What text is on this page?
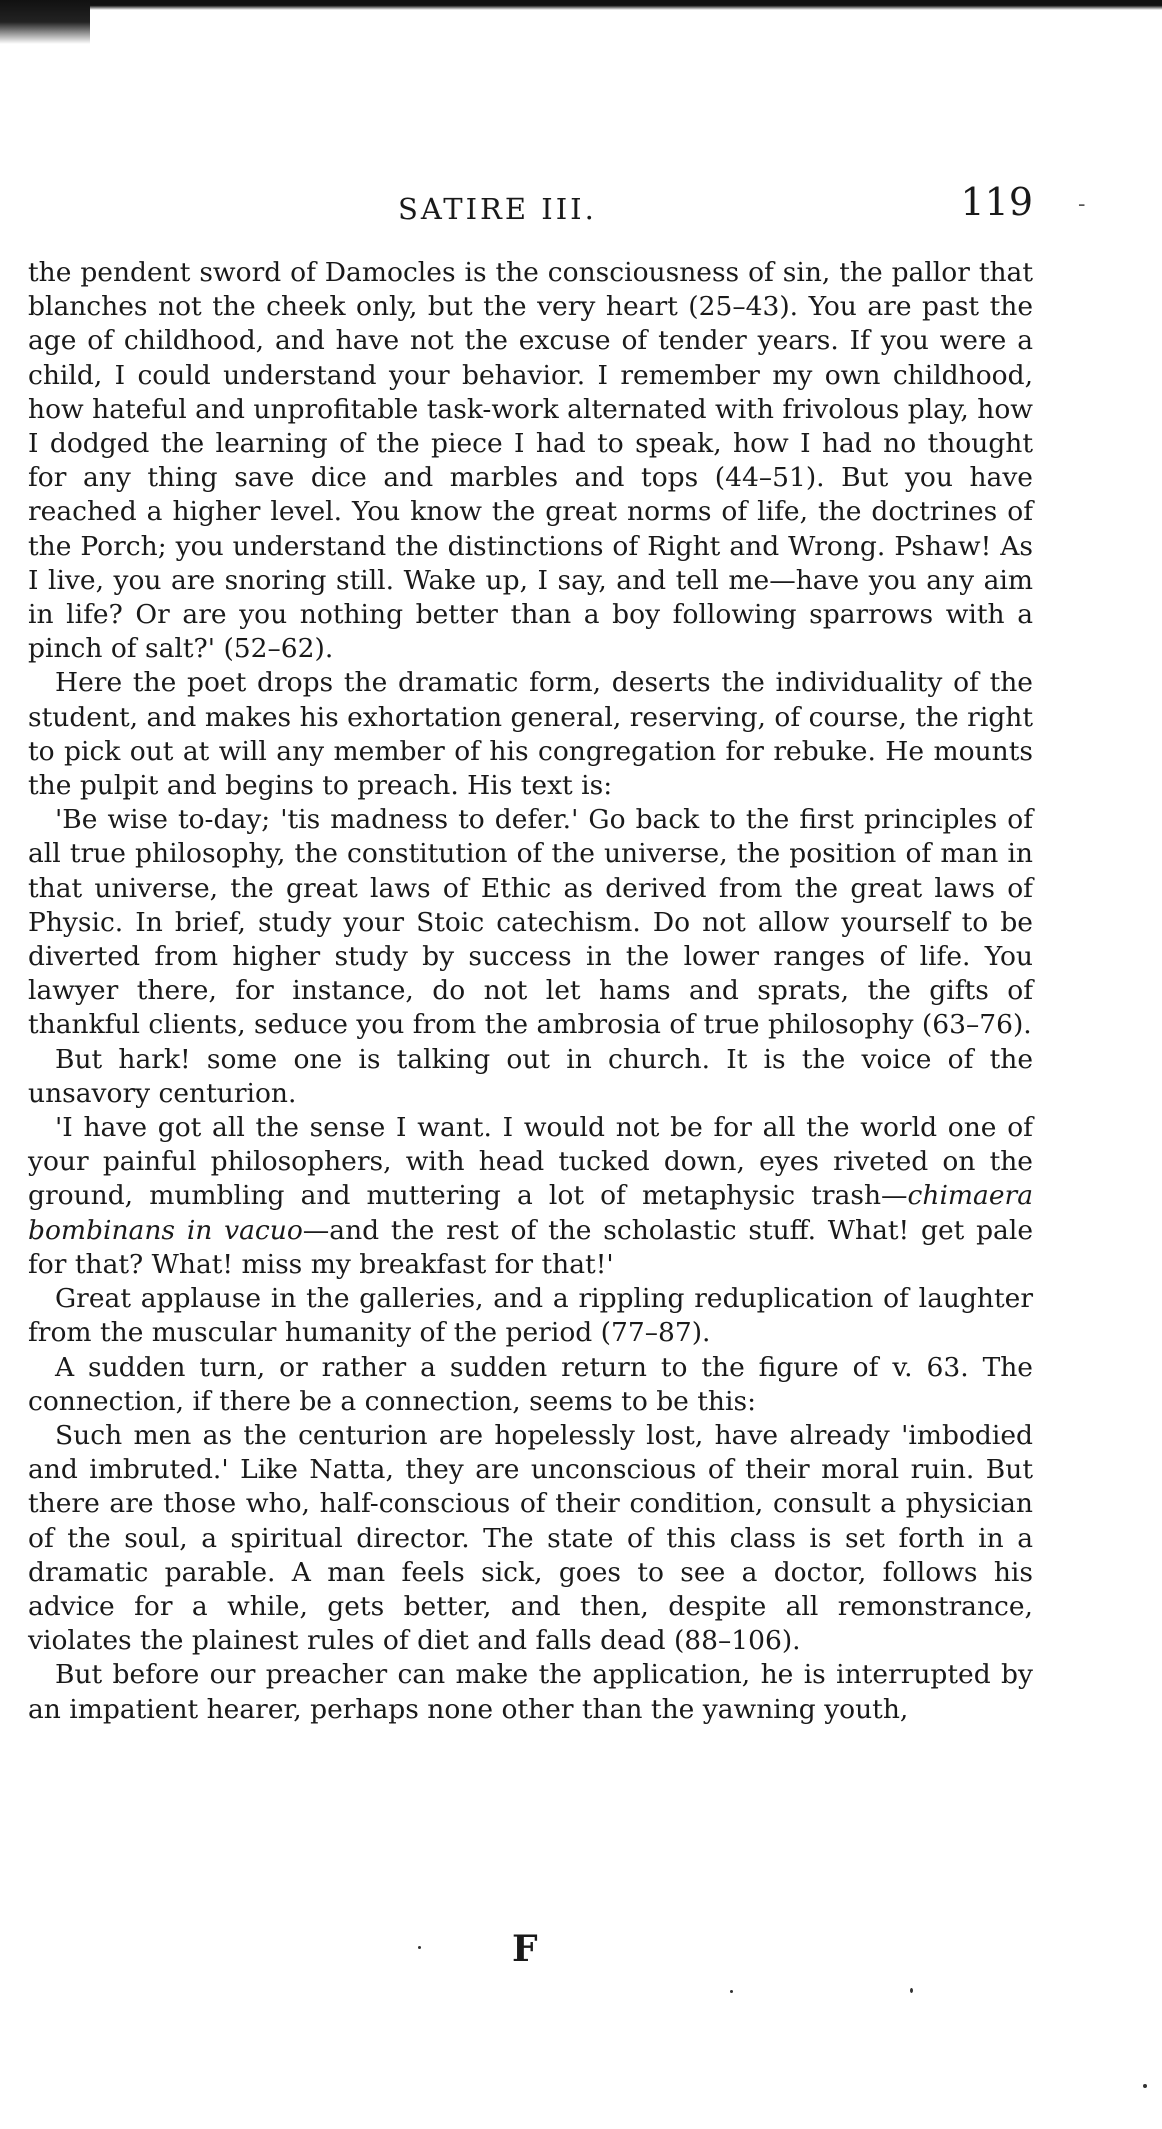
SATIRE III.	119 -

the pendent sword of Damocles is the consciousness of sin, the pallor that blanches not the cheek only, but the very heart (25–43). You are past the age of childhood, and have not the excuse of tender years. If you were a child, I could understand your behavior. I remember my own childhood, how hateful and unprofitable task-work alternated with frivolous play, how I dodged the learning of the piece I had to speak, how I had no thought for any thing save dice and marbles and tops (44–51). But you have reached a higher level. You know the great norms of life, the doctrines of the Porch; you understand the distinctions of Right and Wrong. Pshaw! As I live, you are snoring still. Wake up, I say, and tell me—have you any aim in life? Or are you nothing better than a boy following sparrows with a pinch of salt?' (52–62).

Here the poet drops the dramatic form, deserts the individuality of the student, and makes his exhortation general, reserving, of course, the right to pick out at will any member of his congregation for rebuke. He mounts the pulpit and begins to preach. His text is:

'Be wise to-day; 'tis madness to defer.' Go back to the first principles of all true philosophy, the constitution of the universe, the position of man in that universe, the great laws of Ethic as derived from the great laws of Physic. In brief, study your Stoic catechism. Do not allow yourself to be diverted from higher study by success in the lower ranges of life. You lawyer there, for instance, do not let hams and sprats, the gifts of thankful clients, seduce you from the ambrosia of true philosophy (63–76).

But hark! some one is talking out in church. It is the voice of the unsavory centurion.

'I have got all the sense I want. I would not be for all the world one of your painful philosophers, with head tucked down, eyes riveted on the ground, mumbling and muttering a lot of metaphysic trash—chimaera bombinans in vacuo—and the rest of the scholastic stuff. What! get pale for that? What! miss my breakfast for that!'

Great applause in the galleries, and a rippling reduplication of laughter from the muscular humanity of the period (77–87).

A sudden turn, or rather a sudden return to the figure of v. 63. The connection, if there be a connection, seems to be this:

Such men as the centurion are hopelessly lost, have already 'imbodied and imbruted.' Like Natta, they are unconscious of their moral ruin. But there are those who, half-conscious of their condition, consult a physician of the soul, a spiritual director. The state of this class is set forth in a dramatic parable. A man feels sick, goes to see a doctor, follows his advice for a while, gets better, and then, despite all remonstrance, violates the plainest rules of diet and falls dead (88–106).

But before our preacher can make the application, he is interrupted by an impatient hearer, perhaps none other than the yawning youth,

F
